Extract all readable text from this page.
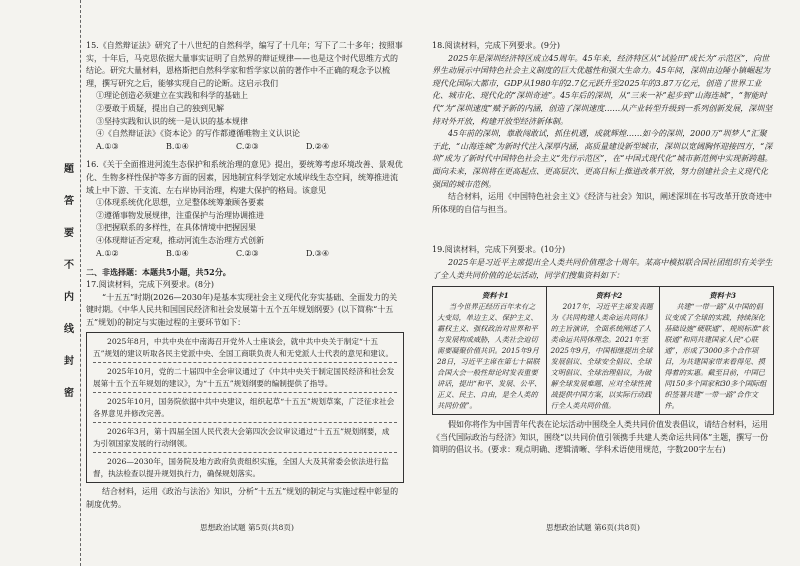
题
答
要
不
内
线
封
密

15.《自然辩证法》研究了十八世纪的自然科学，编写了十几年；写下了二十多年；按照事实，十年后，马克思依据大量事实证明了自然界的辩证规律——也是这个时代思维方式的结论。研究大量材料，恩格斯把自然科学家和哲学家以前的著作中不正确的观念予以梳理，撰写研究之后，能够实现自己的论断。这启示我们

①理论创造必须建立在实践和科学的基础上

②要敢于质疑，提出自己的独到见解

③坚持实践和认识的统一是认识的基本规律

④《自然辩证法》《资本论》的写作都遵循唯物主义认识论

A.①③	B.①④	C.②③	D.②④

16.《关于全面推进河流生态保护和系统治理的意见》提出，要统筹考虑环境改善、景观优化、生物多样性保护等多方面的因素，因地制宜科学划定水域岸线生态空间，统筹推进流域上中下游、干支流、左右岸协同治理，构建大保护的格局。该意见

①体现系统优化思想，立足整体统筹兼顾各要素

②遵循事物发展规律，注重保护与治理协调推进

③把握联系的多样性，在具体情境中把握因果

④体现辩证否定观，推动河流生态治理方式创新

A.①②	B.①④	C.②③	D.③④

二、非选择题：本题共5小题，共52分。

17.阅读材料，完成下列要求。(8分)

“十五五”时期(2026—2030年)是基本实现社会主义现代化夯实基础、全面发力的关键时期。《中华人民共和国国民经济和社会发展第十五个五年规划纲要》(以下简称“十五五”规划)的制定与实施过程的主要环节如下：

2025年8月，中共中央在中南海召开党外人士座谈会，就中共中央关于制定“十五五”规划的建议听取各民主党派中央、全国工商联负责人和无党派人士代表的意见和建议。

2025年10月，党的二十届四中全会审议通过了《中共中央关于制定国民经济和社会发展第十五个五年规划的建议》，为“十五五”规划纲要的编制提供了指导。

2025年10月，国务院依据中共中央建议，组织起草“十五五”规划草案，广泛征求社会各界意见并修改完善。

2026年3月，第十四届全国人民代表大会第四次会议审议通过“十五五”规划纲要，成为引领国家发展的行动纲领。

2026—2030年，国务院及地方政府负责组织实施，全国人大及其常委会依法进行监督，执法检查以提升规划执行力，确保规划落实。

结合材料，运用《政治与法治》知识，分析“十五五”规划的制定与实施过程中彰显的制度优势。

18.阅读材料，完成下列要求。(9分)

2025年是深圳经济特区成立45周年。45年来，经济特区从“试验田”成长为“示范区”，向世界生动展示中国特色社会主义制度的巨大优越性和强大生命力。45年间，深圳由边陲小镇崛起为现代化国际大都市，GDP从1980年的2.7亿元跃升至2025年的3.87万亿元，创造了世界工业化、城市化、现代化的“深圳奇迹”。45年后的深圳，从“三来一补”起步到“山海连城”，“智能时代”为“深圳速度”赋予新的内涵，创造了深圳速度……从产业转型升级到一系列创新发展，深圳坚持对外开放，构建开放型经济新体制。

45年前的深圳，靠敢闯敢试，抓住机遇，成就辉煌……如今的深圳，2000万“圳梦人”汇聚于此，“山海连城”为新时代注入深厚内涵，高质量建设新型城市，深圳以宽阔胸怀迎接四方，“深圳”成为了新时代中国特色社会主义“先行示范区”，在“中国式现代化”城市新范例中实现新跨越。面向未来，深圳将在更高起点、更高层次、更高目标上推进改革开放，努力创建社会主义现代化强国的城市范例。

结合材料，运用《中国特色社会主义》《经济与社会》知识，阐述深圳在书写改革开放奇迹中所体现的自信与担当。

19.阅读材料，完成下列要求。(10分)

2025年是习近平主席提出全人类共同价值理念十周年。某高中模拟联合国社团组织有关学生了全人类共同价值的论坛活动，同学们搜集资料如下：

资料卡1

当今世界正经历百年未有之大变局，单边主义、保护主义、霸权主义、强权政治对世界和平与发展构成威胁，人类社会迫切需要凝聚价值共识。2015年9月28日，习近平主席在第七十届联合国大会一般性辩论时发表重要讲话，提出“和平、发展、公平、正义、民主、自由，是全人类的共同价值”。

资料卡2

2017年，习近平主席发表题为《共同构建人类命运共同体》的主旨演讲，全面系统阐述了人类命运共同体理念。2021年至2025年9月，中国相继提出全球发展倡议、全球安全倡议、全球文明倡议、全球治理倡议，为破解全球发展难题、应对全球性挑战提供中国方案，以实际行动践行全人类共同价值。

资料卡3

共建“一带一路”从中国的倡议变成了全球的实践，持续深化基础设施“硬联通”、规则标准“软联通”和同共建国家人民“心联通”，形成了3000多个合作项目，为共建国家带来看得见、摸得着的实惠。截至目前，中国已同150多个国家和30多个国际组织签署共建“一带一路”合作文件。

假如你将作为中国青年代表在论坛活动中围绕全人类共同价值发表倡议，请结合材料，运用《当代国际政治与经济》知识，围绕“以共同价值引领携手共建人类命运共同体”主题，撰写一份简明的倡议书。(要求：观点明确、逻辑清晰、学科术语使用规范，字数200字左右)

思想政治试题 第5页(共8页)	思想政治试题 第6页(共8页)
